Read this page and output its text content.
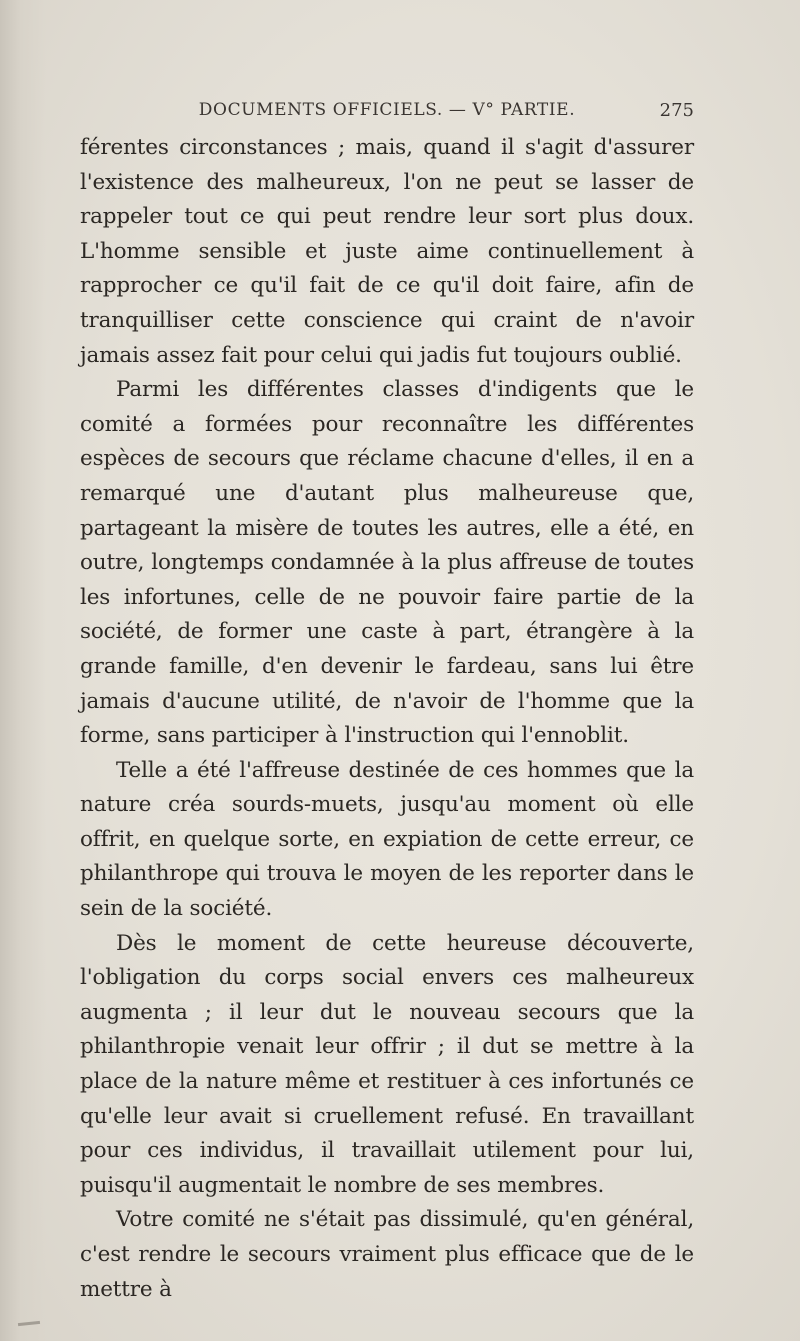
DOCUMENTS OFFICIELS. — V° PARTIE.	275

férentes circonstances ; mais, quand il s'agit d'assurer l'existence des malheureux, l'on ne peut se lasser de rappeler tout ce qui peut rendre leur sort plus doux. L'homme sensible et juste aime continuellement à rapprocher ce qu'il fait de ce qu'il doit faire, afin de tranquilliser cette conscience qui craint de n'avoir jamais assez fait pour celui qui jadis fut toujours oublié.

Parmi les différentes classes d'indigents que le comité a formées pour reconnaître les différentes espèces de secours que réclame chacune d'elles, il en a remarqué une d'autant plus malheureuse que, partageant la misère de toutes les autres, elle a été, en outre, longtemps condamnée à la plus affreuse de toutes les infortunes, celle de ne pouvoir faire partie de la société, de former une caste à part, étrangère à la grande famille, d'en devenir le fardeau, sans lui être jamais d'aucune utilité, de n'avoir de l'homme que la forme, sans participer à l'instruction qui l'ennoblit.

Telle a été l'affreuse destinée de ces hommes que la nature créa sourds-muets, jusqu'au moment où elle offrit, en quelque sorte, en expiation de cette erreur, ce philanthrope qui trouva le moyen de les reporter dans le sein de la société.

Dès le moment de cette heureuse découverte, l'obligation du corps social envers ces malheureux augmenta ; il leur dut le nouveau secours que la philanthropie venait leur offrir ; il dut se mettre à la place de la nature même et restituer à ces infortunés ce qu'elle leur avait si cruellement refusé. En travaillant pour ces individus, il travaillait utilement pour lui, puisqu'il augmentait le nombre de ses membres.

Votre comité ne s'était pas dissimulé, qu'en général, c'est rendre le secours vraiment plus efficace que de le mettre à
